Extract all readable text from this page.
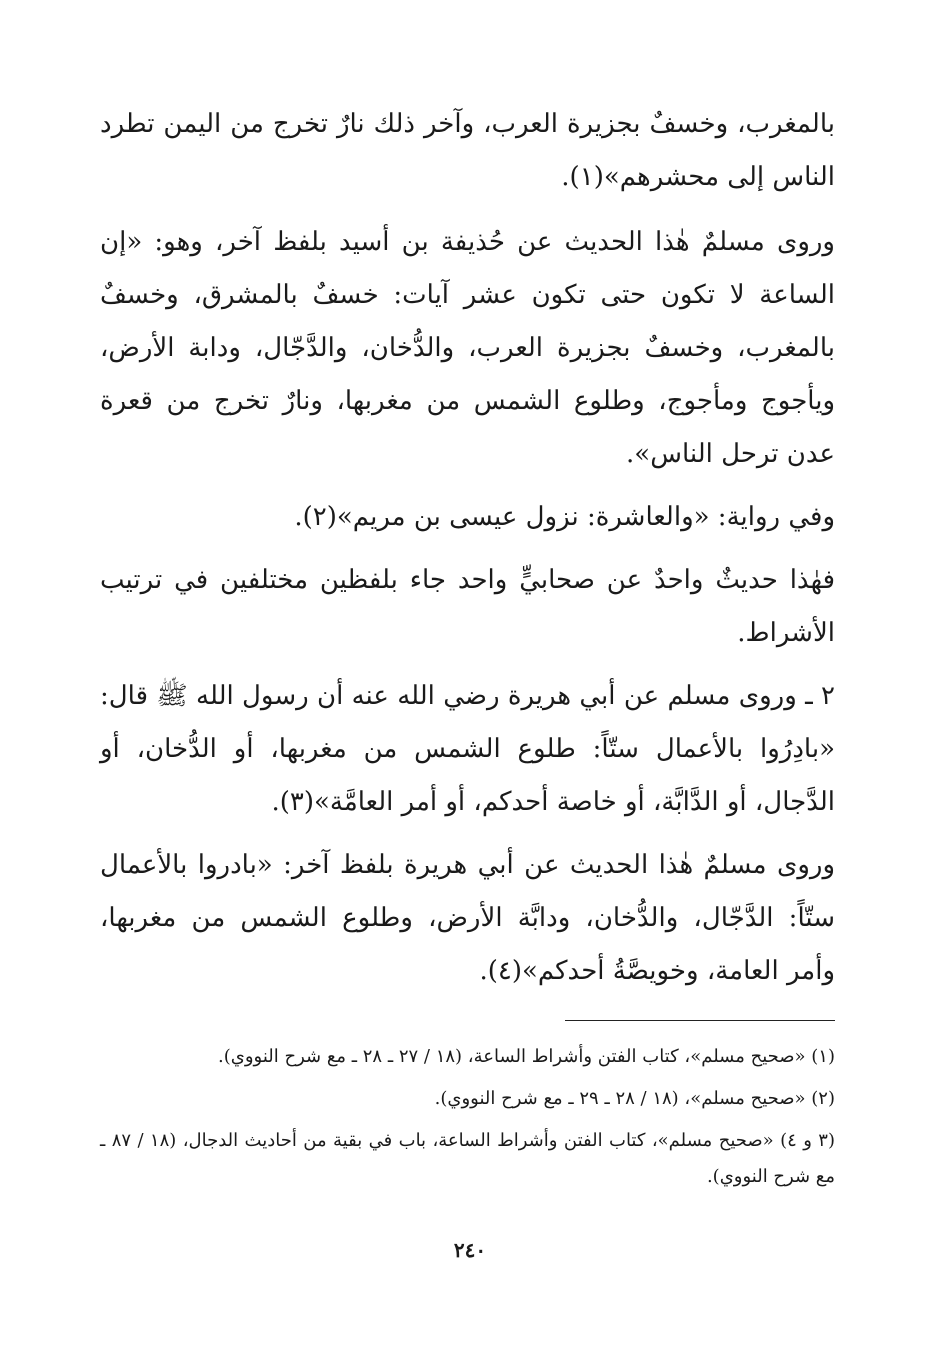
بالمغرب، وخسفٌ بجزيرة العرب، وآخر ذلك نارٌ تخرج من اليمن تطرد الناس إلى محشرهم»(١).

وروى مسلمٌ هٰذا الحديث عن حُذيفة بن أسيد بلفظ آخر، وهو: «إن الساعة لا تكون حتى تكون عشر آيات: خسفٌ بالمشرق، وخسفٌ بالمغرب، وخسفٌ بجزيرة العرب، والدُّخان، والدَّجّال، ودابة الأرض، ويأجوج ومأجوج، وطلوع الشمس من مغربها، ونارٌ تخرج من قعرة عدن ترحل الناس».

وفي رواية: «والعاشرة: نزول عيسى بن مريم»(٢).

فهٰذا حديثٌ واحدٌ عن صحابيٍّ واحد جاء بلفظين مختلفين في ترتيب الأشراط.

٢ ـ وروى مسلم عن أبي هريرة رضي الله عنه أن رسول الله ﷺ قال: «بادِرُوا بالأعمال ستّاً: طلوع الشمس من مغربها، أو الدُّخان، أو الدَّجال، أو الدَّابَّة، أو خاصة أحدكم، أو أمر العامَّة»(٣).

وروى مسلمٌ هٰذا الحديث عن أبي هريرة بلفظ آخر: «بادروا بالأعمال ستّاً: الدَّجّال، والدُّخان، ودابَّة الأرض، وطلوع الشمس من مغربها، وأمر العامة، وخويصَّةُ أحدكم»(٤).

(١) «صحيح مسلم»، كتاب الفتن وأشراط الساعة، (١٨ / ٢٧ ـ ٢٨ ـ مع شرح النووي).

(٢) «صحيح مسلم»، (١٨ / ٢٨ ـ ٢٩ ـ مع شرح النووي).

(٣ و ٤) «صحيح مسلم»، كتاب الفتن وأشراط الساعة، باب في بقية من أحاديث الدجال، (١٨ / ٨٧ ـ مع شرح النووي).

٢٤٠
